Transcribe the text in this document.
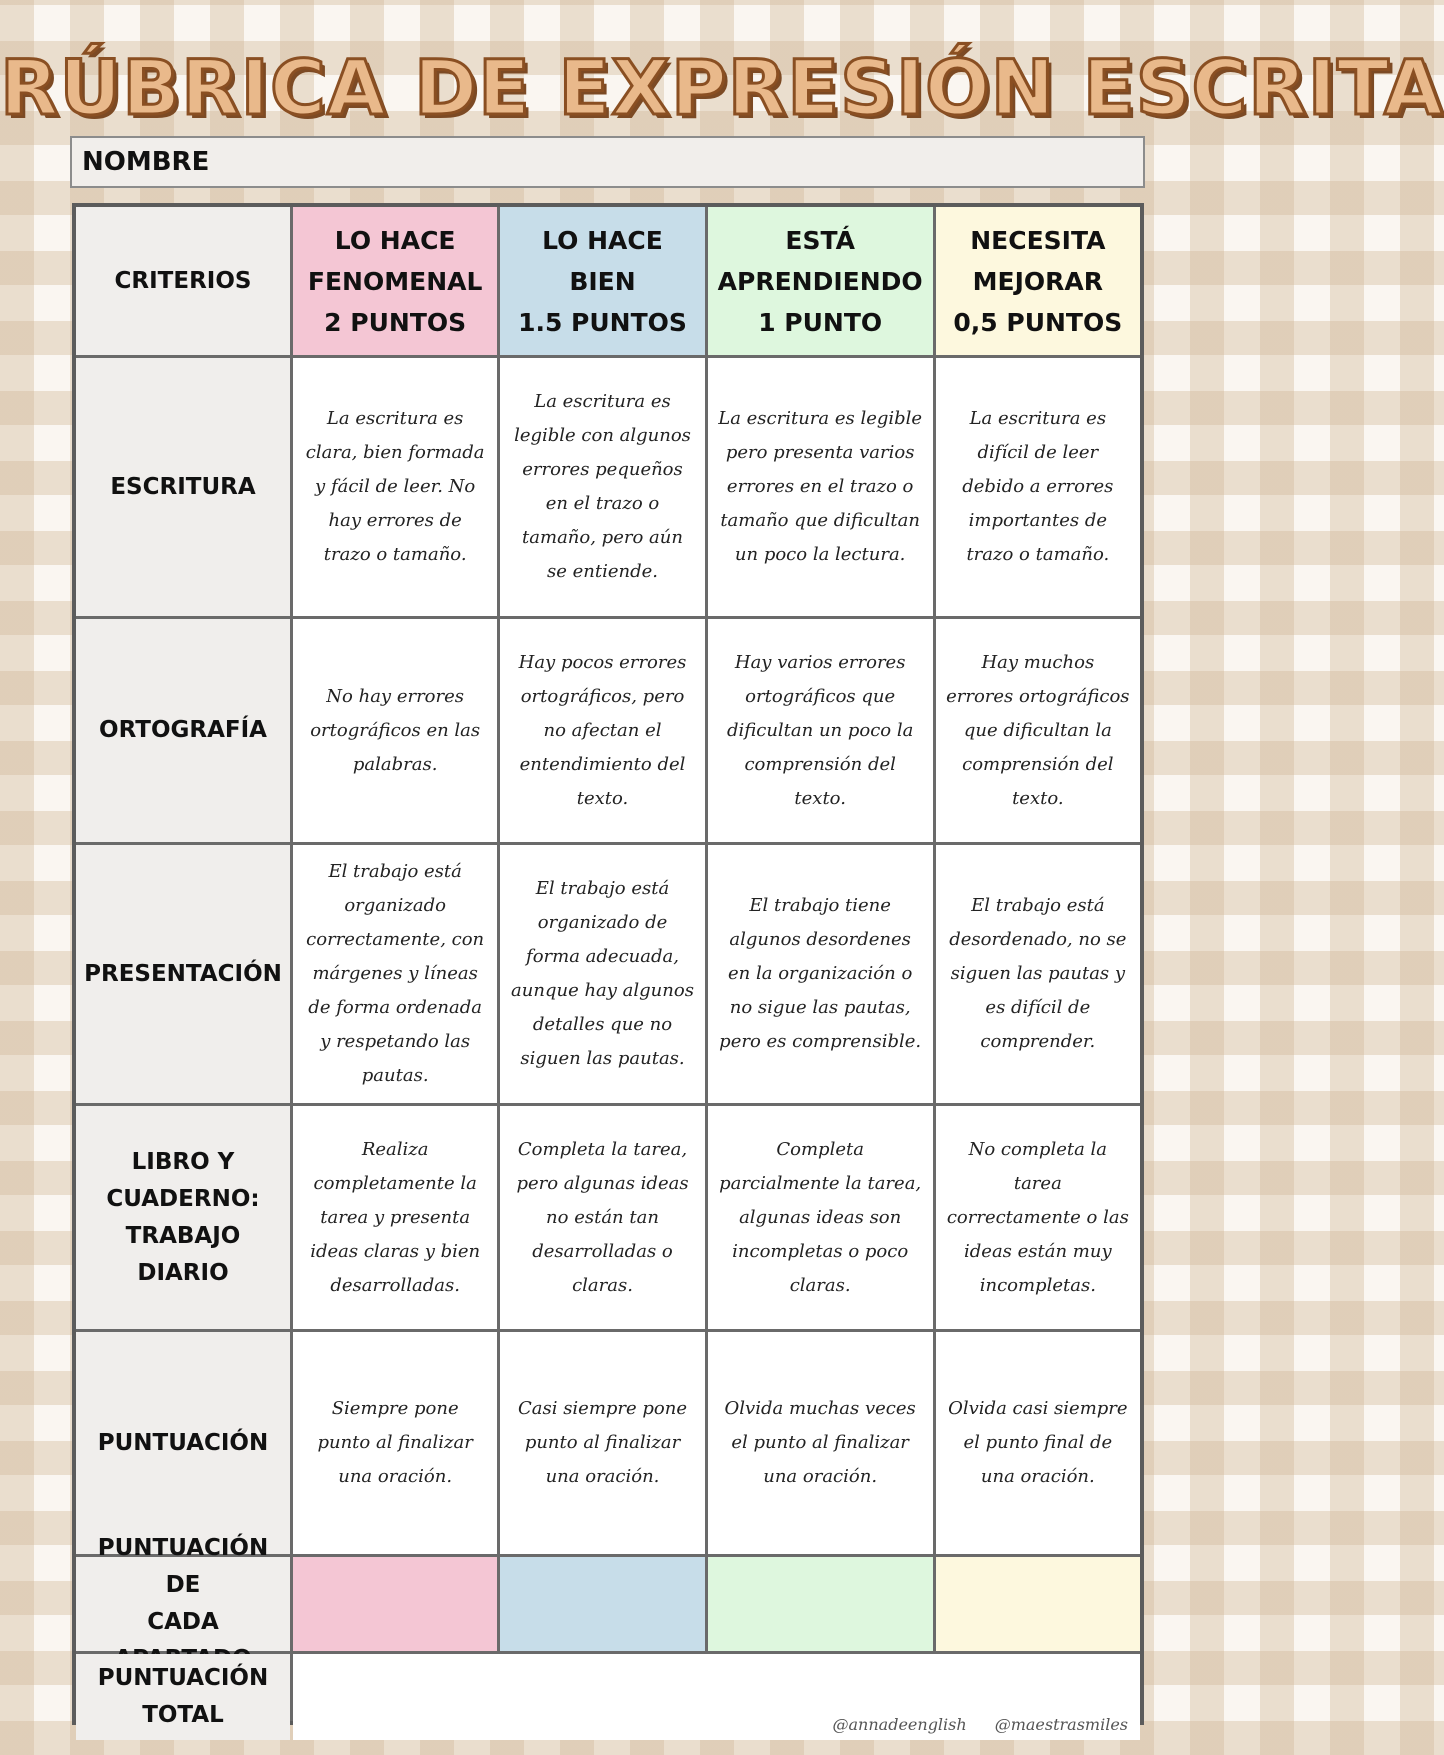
RÚBRICA DE EXPRESIÓN ESCRITA
NOMBRE
CRITERIOS
LO HACE
FENOMENAL
2 PUNTOS
LO HACE BIEN
1.5 PUNTOS
ESTÁ
APRENDIENDO
1 PUNTO
NECESITA
MEJORAR
0,5 PUNTOS
ESCRITURA
La escritura es clara, bien formada y fácil de leer. No hay errores de trazo o tamaño.
La escritura es legible con algunos errores pequeños en el trazo o tamaño, pero aún se entiende.
La escritura es legible pero presenta varios errores en el trazo o tamaño que dificultan un poco la lectura.
La escritura es difícil de leer debido a errores importantes de trazo o tamaño.
ORTOGRAFÍA
No hay errores ortográficos en las palabras.
Hay pocos errores ortográficos, pero no afectan el entendimiento del texto.
Hay varios errores ortográficos que dificultan un poco la comprensión del texto.
Hay muchos errores ortográficos que dificultan la comprensión del texto.
PRESENTACIÓN
El trabajo está organizado correctamente, con márgenes y líneas de forma ordenada y respetando las pautas.
El trabajo está organizado de forma adecuada, aunque hay algunos detalles que no siguen las pautas.
El trabajo tiene algunos desordenes en la organización o no sigue las pautas, pero es comprensible.
El trabajo está desordenado, no se siguen las pautas y es difícil de comprender.
LIBRO Y
CUADERNO:
TRABAJO DIARIO
Realiza completamente la tarea y presenta ideas claras y bien desarrolladas.
Completa la tarea, pero algunas ideas no están tan desarrolladas o claras.
Completa parcialmente la tarea, algunas ideas son incompletas o poco claras.
No completa la tarea correctamente o las ideas están muy incompletas.
PUNTUACIÓN
Siempre pone punto al finalizar una oración.
Casi siempre pone punto al finalizar una oración.
Olvida muchas veces el punto al finalizar una oración.
Olvida casi siempre el punto final de una oración.
DE
CADA
PUNTUACIÓN
TOTAL	@annadeenglish @maestrasmiles
